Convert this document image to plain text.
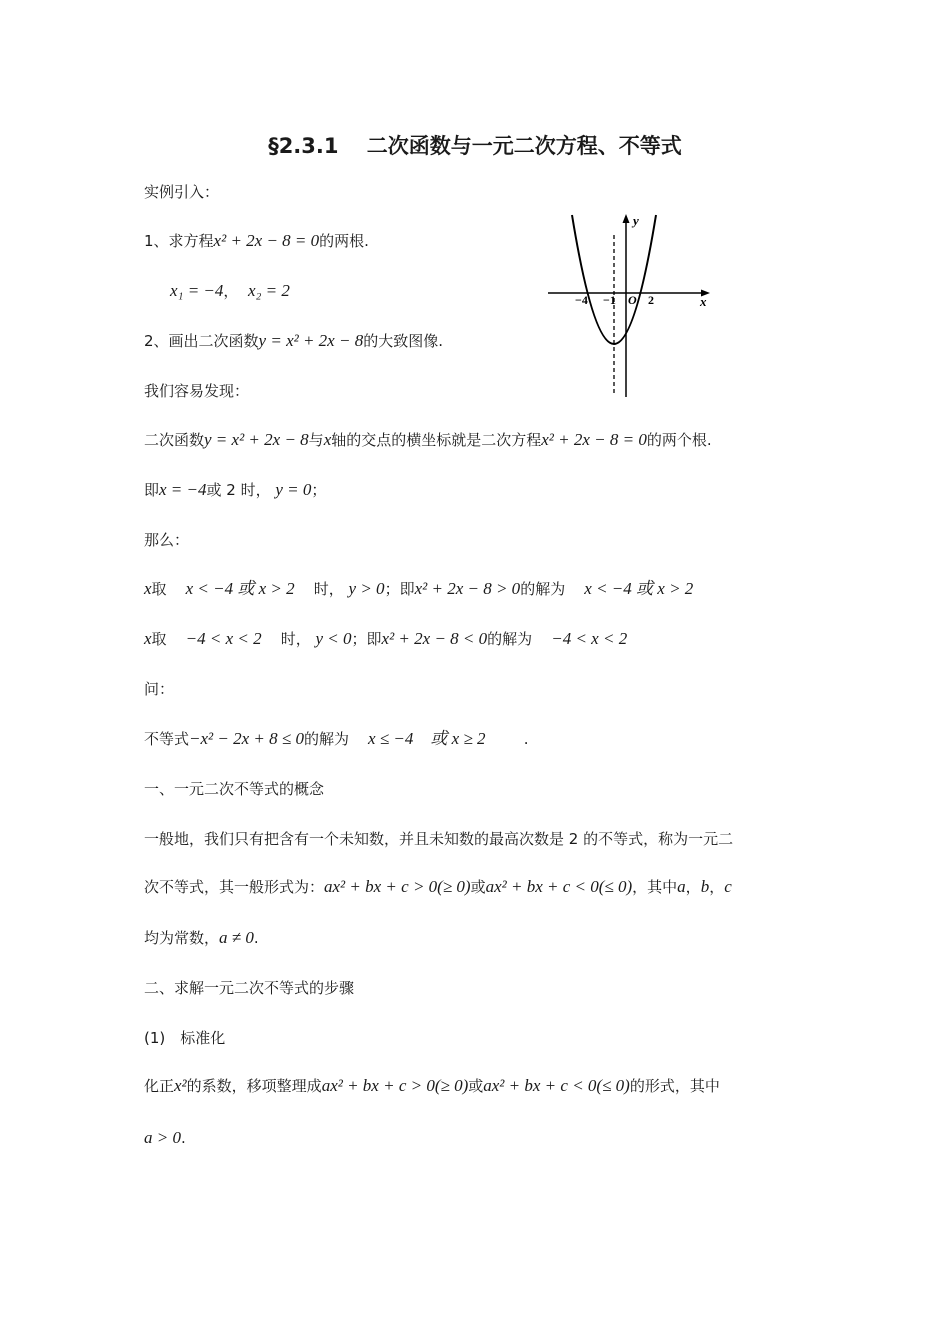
§2.3.1　 二次函数与一元二次方程、不等式
实例引入：
1、求方程x² + 2x − 8 = 0的两根.
x₁ = −4， x₂ = 2
2、画出二次函数y = x² + 2x − 8的大致图像.
我们容易发现：
二次函数y = x² + 2x − 8与x轴的交点的横坐标就是二次方程x² + 2x − 8 = 0的两个根.
即x = −4或 2 时， y = 0；
那么：
x取 x < −4 或 x > 2 时， y > 0；即x² + 2x − 8 > 0的解为 x < −4 或 x > 2
x取 −4 < x < 2 时， y < 0；即x² + 2x − 8 < 0的解为 −4 < x < 2
问：
不等式−x² − 2x + 8 ≤ 0的解为 x ≤ −4　或 x ≥ 2	.
一、一元二次不等式的概念
一般地，我们只有把含有一个未知数，并且未知数的最高次数是 2 的不等式，称为一元二
次不等式，其一般形式为：ax² + bx + c > 0(≥ 0)或ax² + bx + c < 0(≤ 0)，其中a，b，c
均为常数，a ≠ 0.
二、求解一元二次不等式的步骤
(1)　标准化
化正x²的系数，移项整理成ax² + bx + c > 0(≥ 0)或ax² + bx + c < 0(≤ 0)的形式，其中
a > 0.
y
x
O
−4 −1	2
